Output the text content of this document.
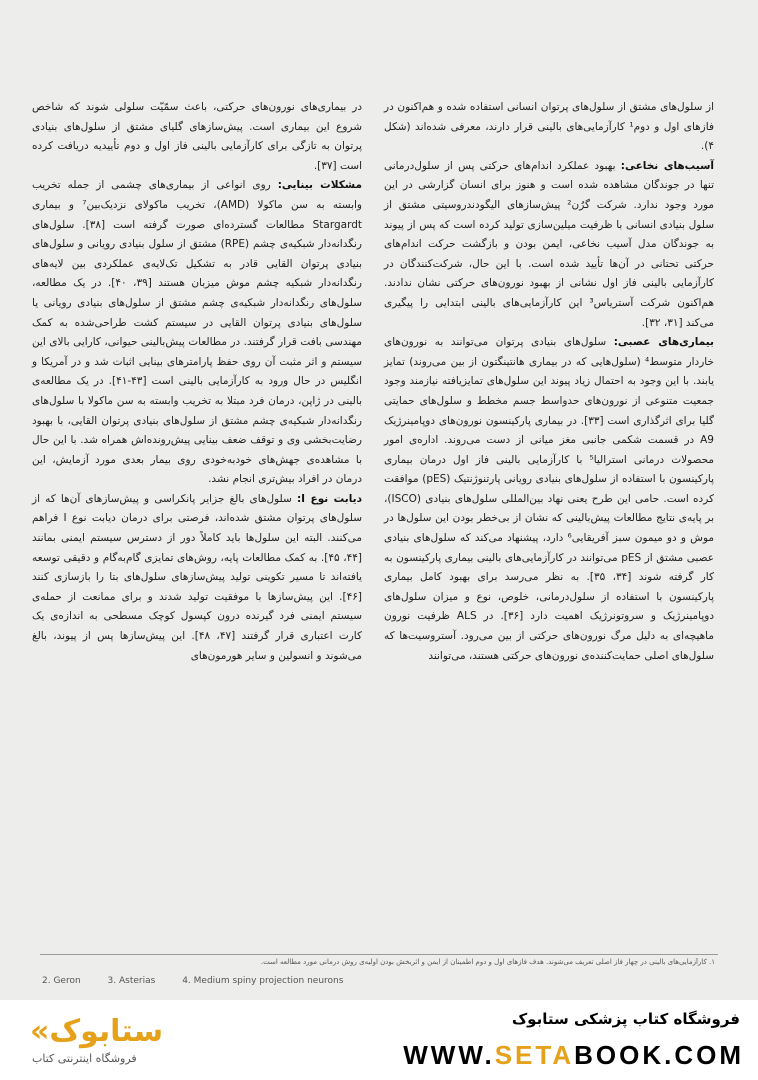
از سلول‌های مشتق از سلول‌های پرتوان انسانی استفاده شده و هم‌اکنون در فازهای اول و دوم¹ کارآزمایی‌های بالینی قرار دارند، معرفی شده‌اند (شکل ۴).

آسیب‌های نخاعی: بهبود عملکرد اندام‌های حرکتی پس از سلول‌درمانی تنها در جوندگان مشاهده شده است و هنوز برای انسان گزارشی در این مورد وجود ندارد. شرکت گرُن² پیش‌سازهای الیگودندروسیتی مشتق از سلول بنیادی انسانی با ظرفیت میلین‌سازی تولید کرده است که پس از پیوند به جوندگان مدل آسیب نخاعی، ایمن بودن و بازگشت حرکت اندام‌های حرکتی تحتانی در آن‌ها تأیید شده است. با این حال، شرکت‌کنندگان در کارآزمایی بالینی فاز اول نشانی از بهبود نورون‌های حرکتی نشان ندادند. هم‌اکنون شرکت آستریاس³ این کارآزمایی‌های بالینی ابتدایی را پیگیری می‌کند [۳۱، ۳۲].

بیماری‌های عصبی: سلول‌های بنیادی پرتوان می‌توانند به نورون‌های خاردار متوسط⁴ (سلول‌هایی که در بیماری هانتینگتون از بین می‌روند) تمایز یابند. با این وجود به احتمال زیاد پیوند این سلول‌های تمایزیافته نیازمند وجود جمعیت متنوعی از نورون‌های حدواسط جسم مخطط و سلول‌های حمایتی گلیا برای اثرگذاری است [۳۳]. در بیماری پارکینسون نورون‌های دوپامینرژیک A9 در قسمت شکمی جانبی مغز میانی از دست می‌روند. اداره‌ی امور محصولات درمانی استرالیا⁵ با کارآزمایی بالینی فاز اول درمان بیماری پارکینسون با استفاده از سلول‌های بنیادی رویانی پارتنوژنتیک (pES) موافقت کرده است. حامی این طرح یعنی نهاد بین‌المللی سلول‌های بنیادی (ISCO)، بر پایه‌ی نتایج مطالعات پیش‌بالینی که نشان از بی‌خطر بودن این سلول‌ها در موش و دو میمون سبز آفریقایی⁶ دارد، پیشنهاد می‌کند که سلول‌های بنیادی عصبی مشتق از pES می‌توانند در کارآزمایی‌های بالینی بیماری پارکینسون به کار گرفته شوند [۳۴، ۳۵]. به نظر می‌رسد برای بهبود کامل بیماری پارکینسون با استفاده از سلول‌درمانی، خلوص، نوع و میزان سلول‌های دوپامینرژیک و سروتونرژیک اهمیت دارد [۳۶]. در ALS ظرفیت نورون ماهیچه‌ای به دلیل مرگ نورون‌های حرکتی از بین می‌رود. آستروسیت‌ها که سلول‌های اصلی حمایت‌کننده‌ی نورون‌های حرکتی هستند، می‌توانند

در بیماری‌های نورون‌های حرکتی، باعث سمّیّت سلولی شوند که شاخص شروع این بیماری است. پیش‌سازهای گلیای مشتق از سلول‌های بنیادی پرتوان به تازگی برای کارآزمایی بالینی فاز اول و دوم تأییدیه دریافت کرده است [۳۷].

مشکلات بینایی: روی انواعی از بیماری‌های چشمی از جمله تخریب وابسته به سن ماکولا (AMD)، تخریب ماکولای نزدیک‌بین⁷ و بیماری Stargardt مطالعات گسترده‌ای صورت گرفته است [۳۸]. سلول‌های رنگدانه‌دار شبکیه‌ی چشم (RPE) مشتق از سلول بنیادی رویانی و سلول‌های بنیادی پرتوان القایی قادر به تشکیل تک‌لایه‌ی عملکردی بین لایه‌های رنگدانه‌دار شبکیه چشم موش میزبان هستند [۳۹، ۴۰]. در یک مطالعه، سلول‌های رنگدانه‌دار شبکیه‌ی چشم مشتق از سلول‌های بنیادی رویانی یا سلول‌های بنیادی پرتوان القایی در سیستم کشت طراحی‌شده به کمک مهندسی بافت قرار گرفتند. در مطالعات پیش‌بالینی حیوانی، کارایی بالای این سیستم و اثر مثبت آن روی حفظ پارامترهای بینایی اثبات شد و در آمریکا و انگلیس در حال ورود به کارآزمایی بالینی است [۴۳-۴۱]. در یک مطالعه‌ی بالینی در ژاپن، درمان فرد مبتلا به تخریب وابسته به سن ماکولا با سلول‌های رنگدانه‌دار شبکیه‌ی چشم مشتق از سلول‌های بنیادی پرتوان القایی، با بهبود رضایت‌بخشی وی و توقف ضعف بینایی پیش‌رونده‌اش همراه شد. با این حال با مشاهده‌ی جهش‌های خودبه‌خودی روی بیمار بعدی مورد آزمایش، این درمان در افراد بیش‌تری انجام نشد.

دیابت نوع I: سلول‌های بالغ جزایر پانکراسی و پیش‌سازهای آن‌ها که از سلول‌های پرتوان مشتق شده‌اند، فرصتی برای درمان دیابت نوع I فراهم می‌کنند. البته این سلول‌ها باید کاملاً دور از دسترس سیستم ایمنی بمانند [۴۴، ۴۵]. به کمک مطالعات پایه، روش‌های تمایزی گام‌به‌گام و دقیقی توسعه یافته‌اند تا مسیر تکوینی تولید پیش‌سازهای سلول‌های بتا را بازسازی کنند [۴۶]. این پیش‌سازها با موفقیت تولید شدند و برای ممانعت از حمله‌ی سیستم ایمنی فرد گیرنده درون کپسول کوچک مسطحی به اندازه‌ی یک کارت اعتباری قرار گرفتند [۴۷، ۴۸]. این پیش‌سازها پس از پیوند، بالغ می‌شوند و انسولین و سایر هورمون‌های

۱. کارآزمایی‌های بالینی در چهار فاز اصلی تعریف می‌شوند. هدف فازهای اول و دوم اطمینان از ایمن و اثربخش بودن اولیه‌ی روش درمانی مورد مطالعه است.
2. Geron	3. Asterias	4. Medium spiny projection neurons
ستابوک»
فروشگاه اینترنتی کتاب
فروشگاه کتاب پزشکی ستابوک
WWW.SETABOOK.COM
